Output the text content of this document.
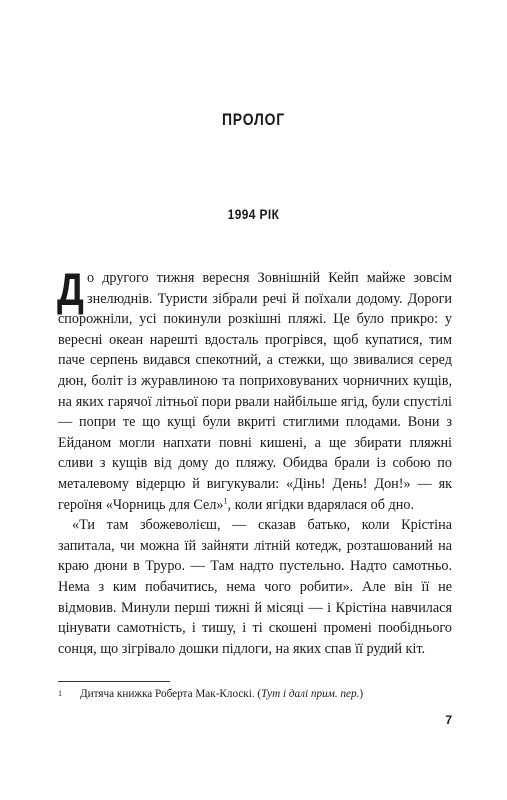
ПРОЛОГ
1994 РІК

До другого тижня вересня Зовнішній Кейп майже зовсім знелюднів. Туристи зібрали речі й поїхали додому. Дороги спорожніли, усі покинули розкішні пляжі. Це було прикро: у вересні океан нарешті вдосталь прогрівся, щоб купатися, тим паче серпень видався спекотний, а стежки, що звивалися серед дюн, боліт із журавлиною та поприховуваних чорничних кущів, на яких гарячої літньої пори рвали найбільше ягід, були спустілі — попри те що кущі були вкриті стиглими плодами. Вони з Ейданом могли напхати повні кишені, а ще збирати пляжні сливи з кущів від дому до пляжу. Обидва брали із собою по металевому відерцю й вигукували: «Дінь! День! Дон!» — як героїня «Чорниць для Сел»$^1$, коли ягідки вдарялася об дно.

«Ти там збожеволієш, — сказав батько, коли Крістіна запитала, чи можна їй зайняти літній котедж, розташований на краю дюни в Труро. — Там надто пустельно. Надто самотньо. Нема з ким побачитись, нема чого робити». Але він її не відмовив. Минули перші тижні й місяці — і Крістіна навчилася цінувати самотність, і тишу, і ті скошені промені пообіднього сонця, що зігрівало дошки підлоги, на яких спав її рудий кіт.

1 Дитяча книжка Роберта Мак-Клоскі. (Тут і далі прим. пер.)
7
